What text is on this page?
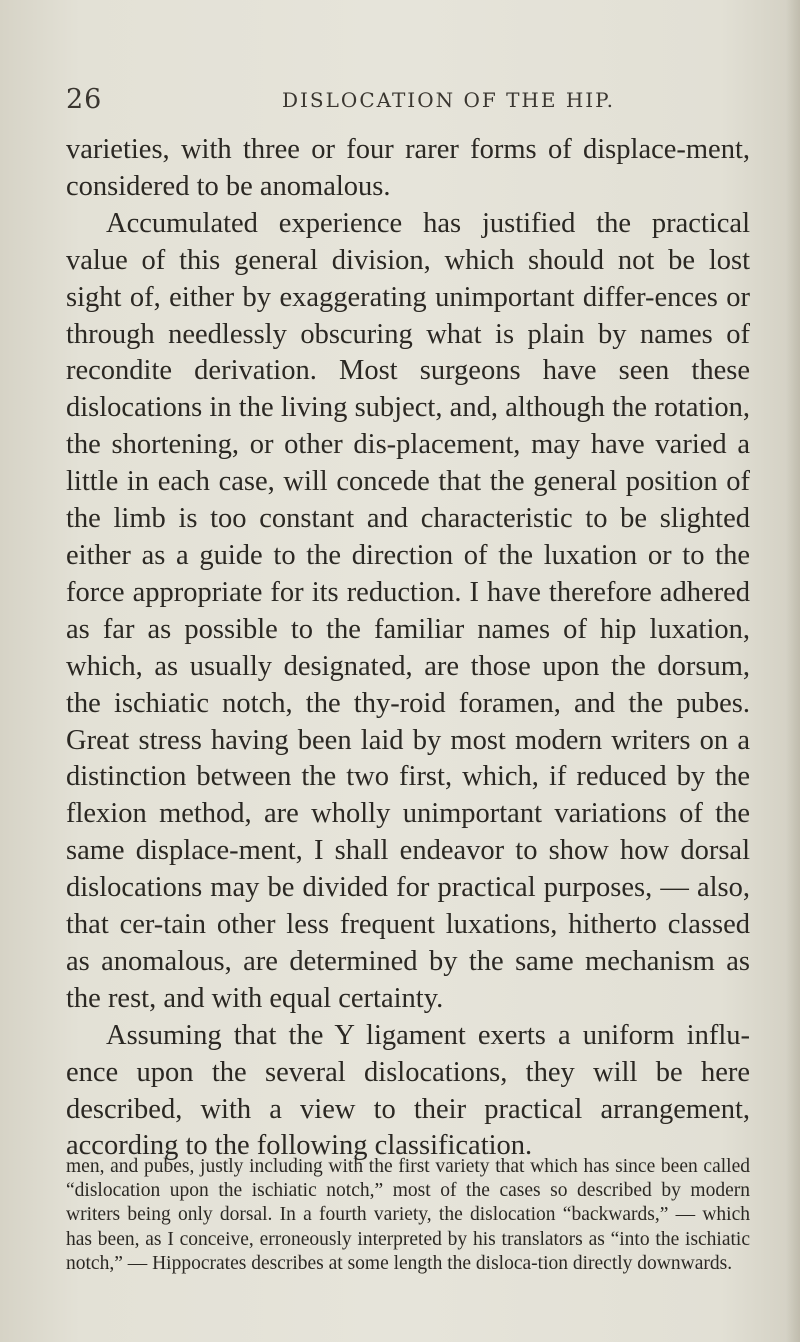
26	DISLOCATION OF THE HIP.

varieties, with three or four rarer forms of displace-ment, considered to be anomalous.

Accumulated experience has justified the practical value of this general division, which should not be lost sight of, either by exaggerating unimportant differ-ences or through needlessly obscuring what is plain by names of recondite derivation. Most surgeons have seen these dislocations in the living subject, and, although the rotation, the shortening, or other dis-placement, may have varied a little in each case, will concede that the general position of the limb is too constant and characteristic to be slighted either as a guide to the direction of the luxation or to the force appropriate for its reduction. I have therefore adhered as far as possible to the familiar names of hip luxation, which, as usually designated, are those upon the dorsum, the ischiatic notch, the thy-roid foramen, and the pubes. Great stress having been laid by most modern writers on a distinction between the two first, which, if reduced by the flexion method, are wholly unimportant variations of the same displace-ment, I shall endeavor to show how dorsal dislocations may be divided for practical purposes, — also, that cer-tain other less frequent luxations, hitherto classed as anomalous, are determined by the same mechanism as the rest, and with equal certainty.

Assuming that the Y ligament exerts a uniform influ-ence upon the several dislocations, they will be here described, with a view to their practical arrangement, according to the following classification.

men, and pubes, justly including with the first variety that which has since been called “dislocation upon the ischiatic notch,” most of the cases so described by modern writers being only dorsal. In a fourth variety, the dislocation “backwards,” — which has been, as I conceive, erroneously interpreted by his translators as “into the ischiatic notch,” — Hippocrates describes at some length the disloca-tion directly downwards.
